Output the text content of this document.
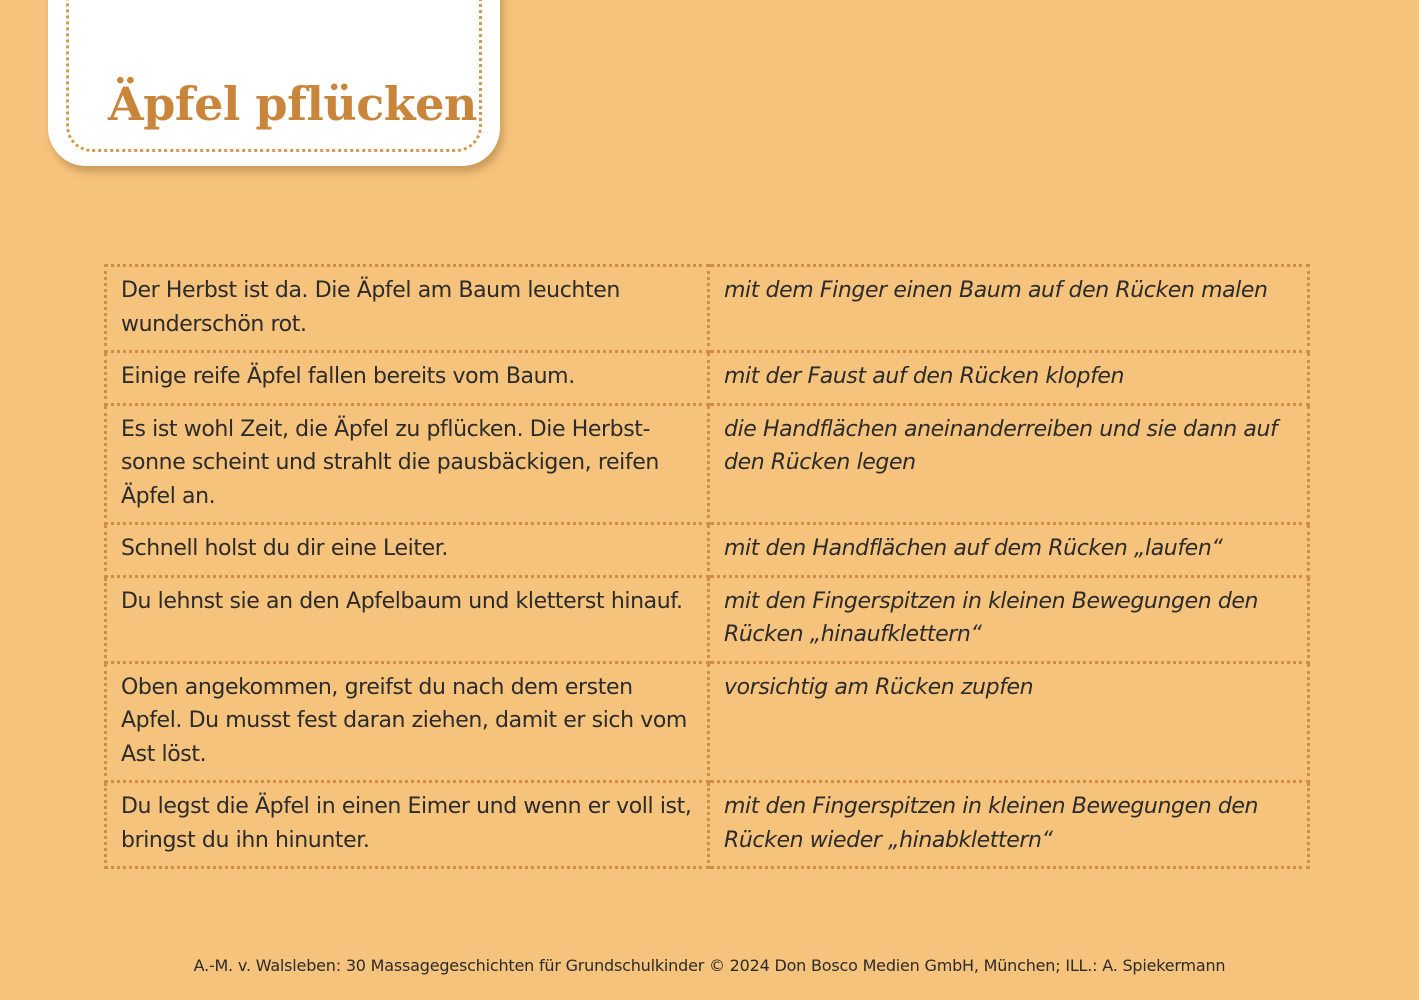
Äpfel pflücken
Der Herbst ist da. Die Äpfel am Baum leuchten wunderschön rot.	mit dem Finger einen Baum auf den Rücken malen
Einige reife Äpfel fallen bereits vom Baum.	mit der Faust auf den Rücken klopfen
Es ist wohl Zeit, die Äpfel zu pflücken. Die Herbstsonne scheint und strahlt die pausbäckigen, reifen Äpfel an.	die Handflächen aneinanderreiben und sie dann auf den Rücken legen
Schnell holst du dir eine Leiter.	mit den Handflächen auf dem Rücken „laufen“
Du lehnst sie an den Apfelbaum und kletterst hinauf.	mit den Fingerspitzen in kleinen Bewegungen den Rücken „hinaufklettern“
Oben angekommen, greifst du nach dem ersten Apfel. Du musst fest daran ziehen, damit er sich vom Ast löst.	vorsichtig am Rücken zupfen
Du legst die Äpfel in einen Eimer und wenn er voll ist, bringst du ihn hinunter.	mit den Fingerspitzen in kleinen Bewegungen den Rücken wieder „hinabklettern“
A.-M. v. Walsleben: 30 Massagegeschichten für Grundschulkinder © 2024 Don Bosco Medien GmbH, München; ILL.: A. Spiekermann
